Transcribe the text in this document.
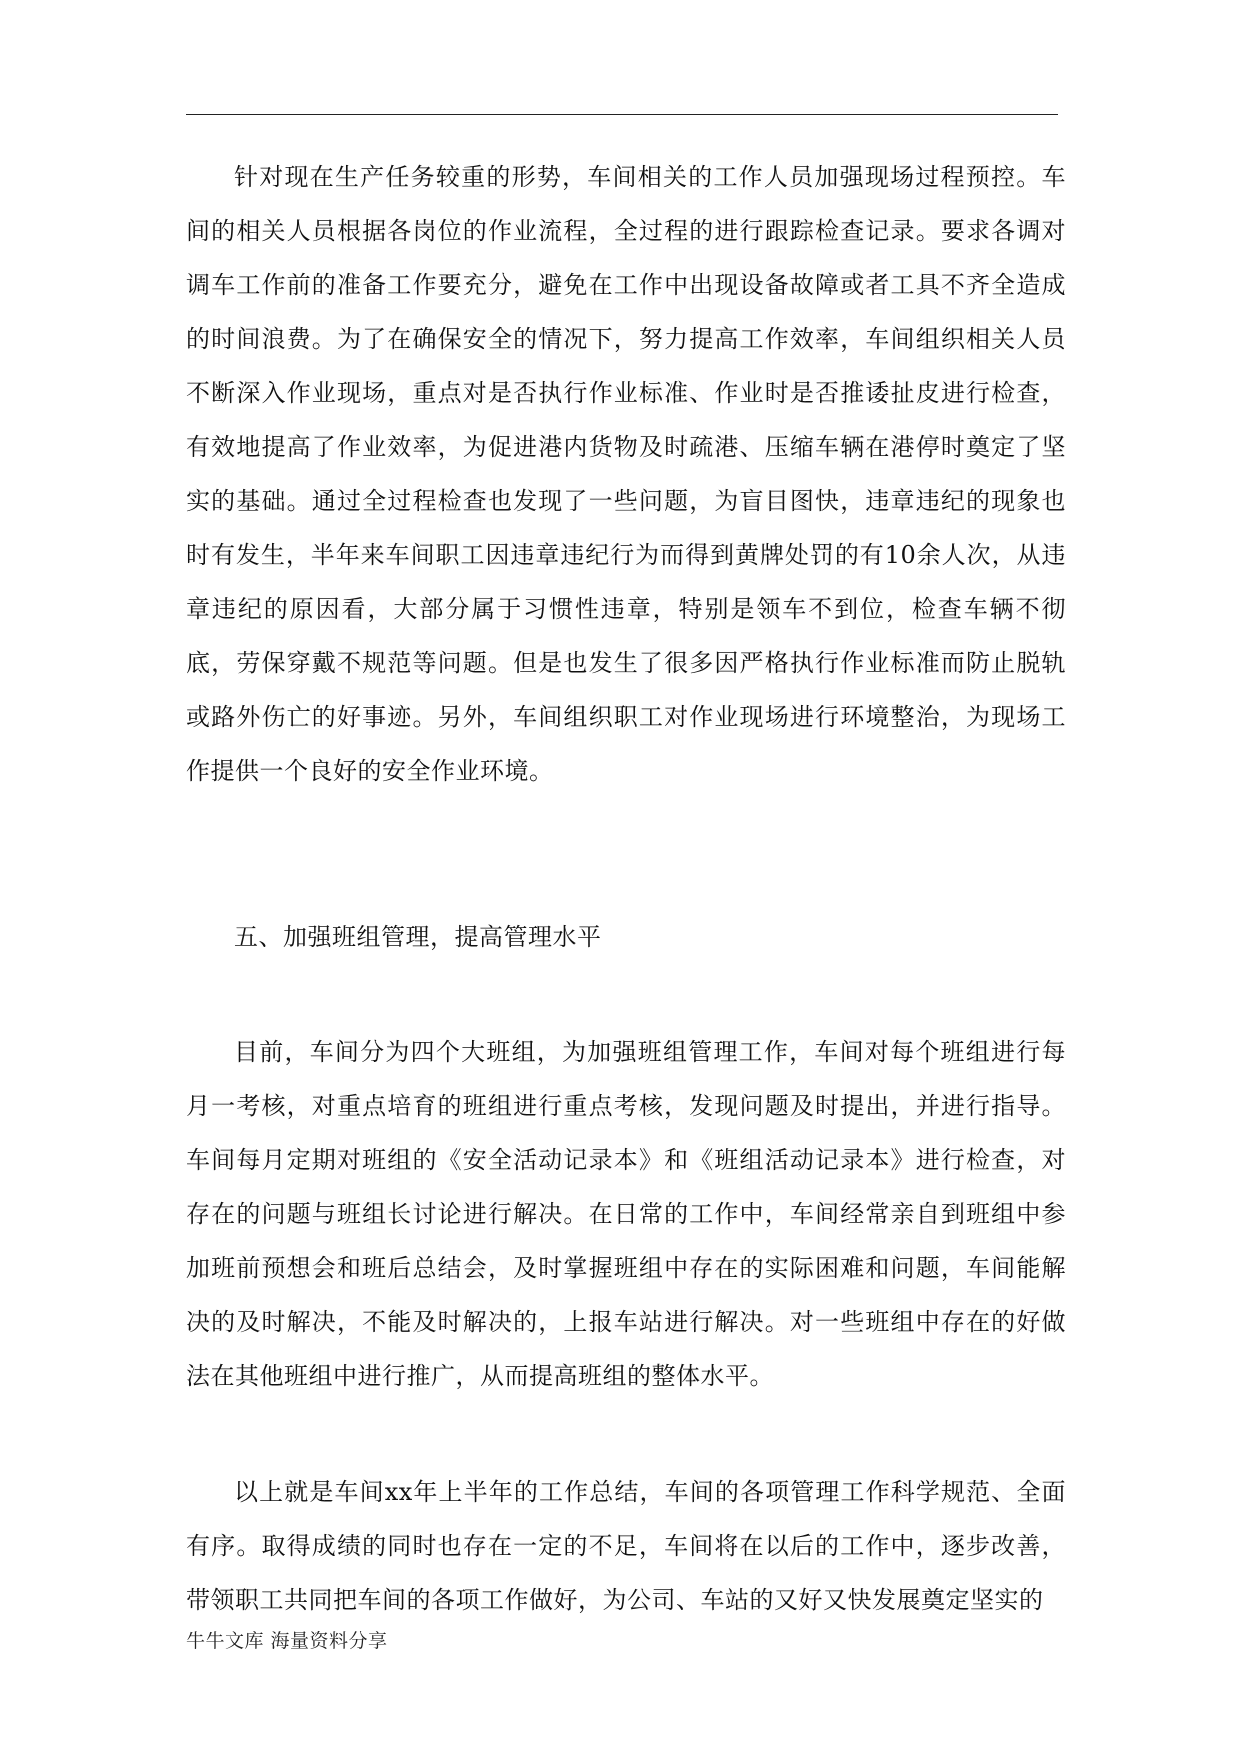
针对现在生产任务较重的形势，车间相关的工作人员加强现场过程预控。车间的相关人员根据各岗位的作业流程，全过程的进行跟踪检查记录。要求各调对调车工作前的准备工作要充分，避免在工作中出现设备故障或者工具不齐全造成的时间浪费。为了在确保安全的情况下，努力提高工作效率，车间组织相关人员不断深入作业现场，重点对是否执行作业标准、作业时是否推诿扯皮进行检查，有效地提高了作业效率，为促进港内货物及时疏港、压缩车辆在港停时奠定了坚实的基础。通过全过程检查也发现了一些问题，为盲目图快，违章违纪的现象也时有发生，半年来车间职工因违章违纪行为而得到黄牌处罚的有10余人次，从违章违纪的原因看，大部分属于习惯性违章，特别是领车不到位，检查车辆不彻底，劳保穿戴不规范等问题。但是也发生了很多因严格执行作业标准而防止脱轨或路外伤亡的好事迹。另外，车间组织职工对作业现场进行环境整治，为现场工作提供一个良好的安全作业环境。

五、加强班组管理，提高管理水平

目前，车间分为四个大班组，为加强班组管理工作，车间对每个班组进行每月一考核，对重点培育的班组进行重点考核，发现问题及时提出，并进行指导。车间每月定期对班组的《安全活动记录本》和《班组活动记录本》进行检查，对存在的问题与班组长讨论进行解决。在日常的工作中，车间经常亲自到班组中参加班前预想会和班后总结会，及时掌握班组中存在的实际困难和问题，车间能解决的及时解决，不能及时解决的，上报车站进行解决。对一些班组中存在的好做法在其他班组中进行推广，从而提高班组的整体水平。

以上就是车间xx年上半年的工作总结，车间的各项管理工作科学规范、全面有序。取得成绩的同时也存在一定的不足，车间将在以后的工作中，逐步改善，带领职工共同把车间的各项工作做好，为公司、车站的又好又快发展奠定坚实的

牛牛文库 海量资料分享
